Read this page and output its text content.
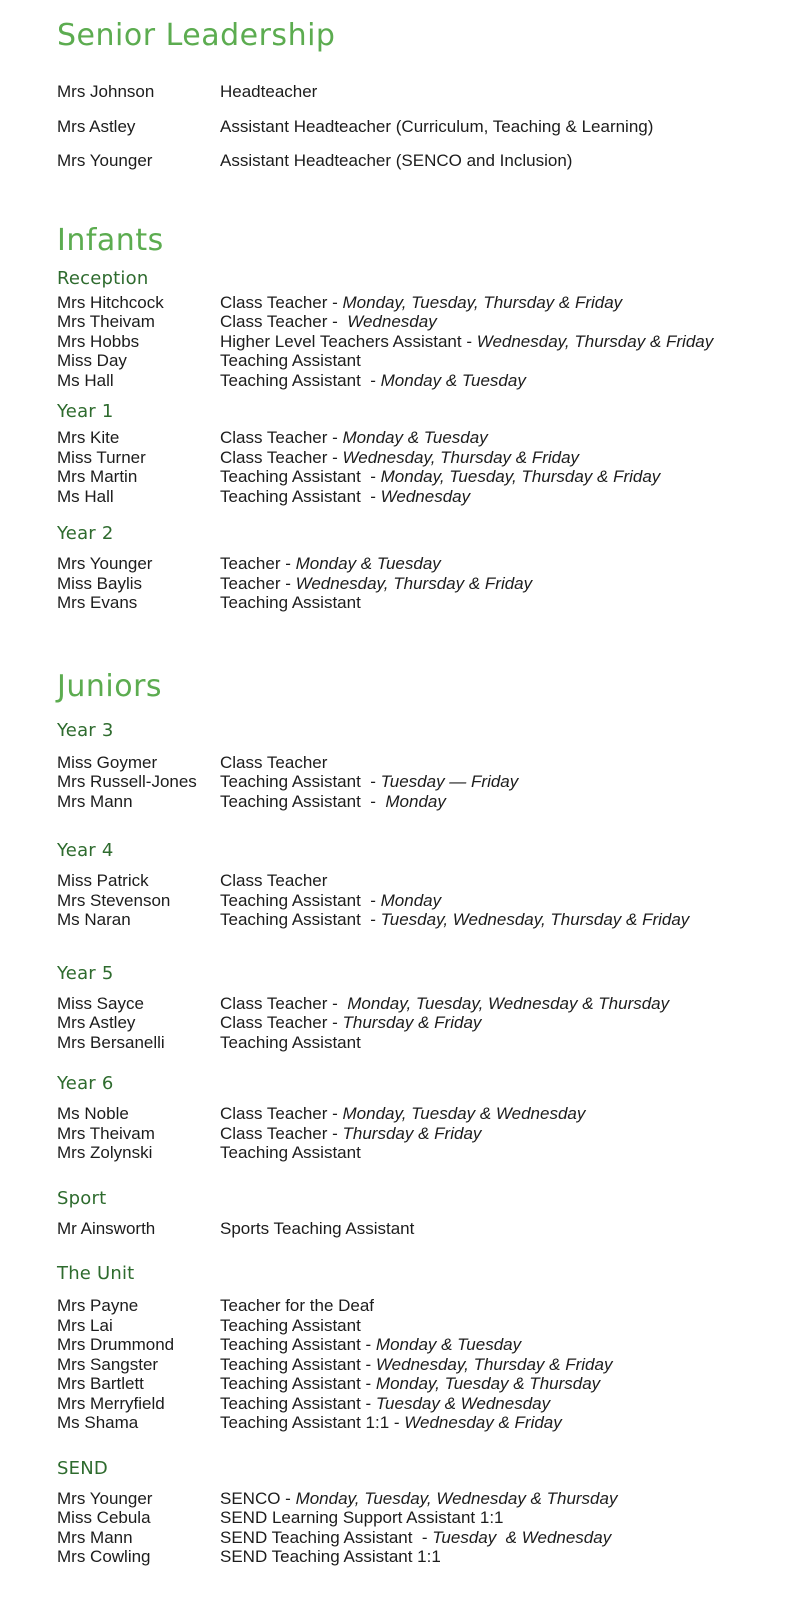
Senior Leadership
Mrs Johnson	Headteacher
Mrs Astley	Assistant Headteacher (Curriculum, Teaching & Learning)
Mrs Younger	Assistant Headteacher (SENCO and Inclusion)
Infants
Reception
Mrs Hitchcock	Class Teacher - Monday, Tuesday, Thursday & Friday
Mrs Theivam	Class Teacher -  Wednesday
Mrs Hobbs	Higher Level Teachers Assistant - Wednesday, Thursday & Friday
Miss Day	Teaching Assistant
Ms Hall	Teaching Assistant  - Monday & Tuesday
Year 1
Mrs Kite	Class Teacher - Monday & Tuesday
Miss Turner	Class Teacher - Wednesday, Thursday & Friday
Mrs Martin	Teaching Assistant  - Monday, Tuesday, Thursday & Friday
Ms Hall	Teaching Assistant  - Wednesday
Year 2
Mrs Younger	Teacher - Monday & Tuesday
Miss Baylis	Teacher - Wednesday, Thursday & Friday
Mrs Evans	Teaching Assistant
Juniors
Year 3
Miss Goymer	Class Teacher
Mrs Russell-Jones	Teaching Assistant  - Tuesday — Friday
Mrs Mann	Teaching Assistant  -  Monday
Year 4
Miss Patrick	Class Teacher
Mrs Stevenson	Teaching Assistant  - Monday
Ms Naran	Teaching Assistant  - Tuesday, Wednesday, Thursday & Friday
Year 5
Miss Sayce	Class Teacher -  Monday, Tuesday, Wednesday & Thursday
Mrs Astley	Class Teacher - Thursday & Friday
Mrs Bersanelli	Teaching Assistant
Year 6
Ms Noble	Class Teacher - Monday, Tuesday & Wednesday
Mrs Theivam	Class Teacher - Thursday & Friday
Mrs Zolynski	Teaching Assistant
Sport
Mr Ainsworth	Sports Teaching Assistant
The Unit
Mrs Payne	Teacher for the Deaf
Mrs Lai	Teaching Assistant
Mrs Drummond	Teaching Assistant - Monday & Tuesday
Mrs Sangster	Teaching Assistant - Wednesday, Thursday & Friday
Mrs Bartlett	Teaching Assistant - Monday, Tuesday & Thursday
Mrs Merryfield	Teaching Assistant - Tuesday & Wednesday
Ms Shama	Teaching Assistant 1:1 - Wednesday & Friday
SEND
Mrs Younger	SENCO - Monday, Tuesday, Wednesday & Thursday
Miss Cebula	SEND Learning Support Assistant 1:1
Mrs Mann	SEND Teaching Assistant  - Tuesday  & Wednesday
Mrs Cowling	SEND Teaching Assistant 1:1
